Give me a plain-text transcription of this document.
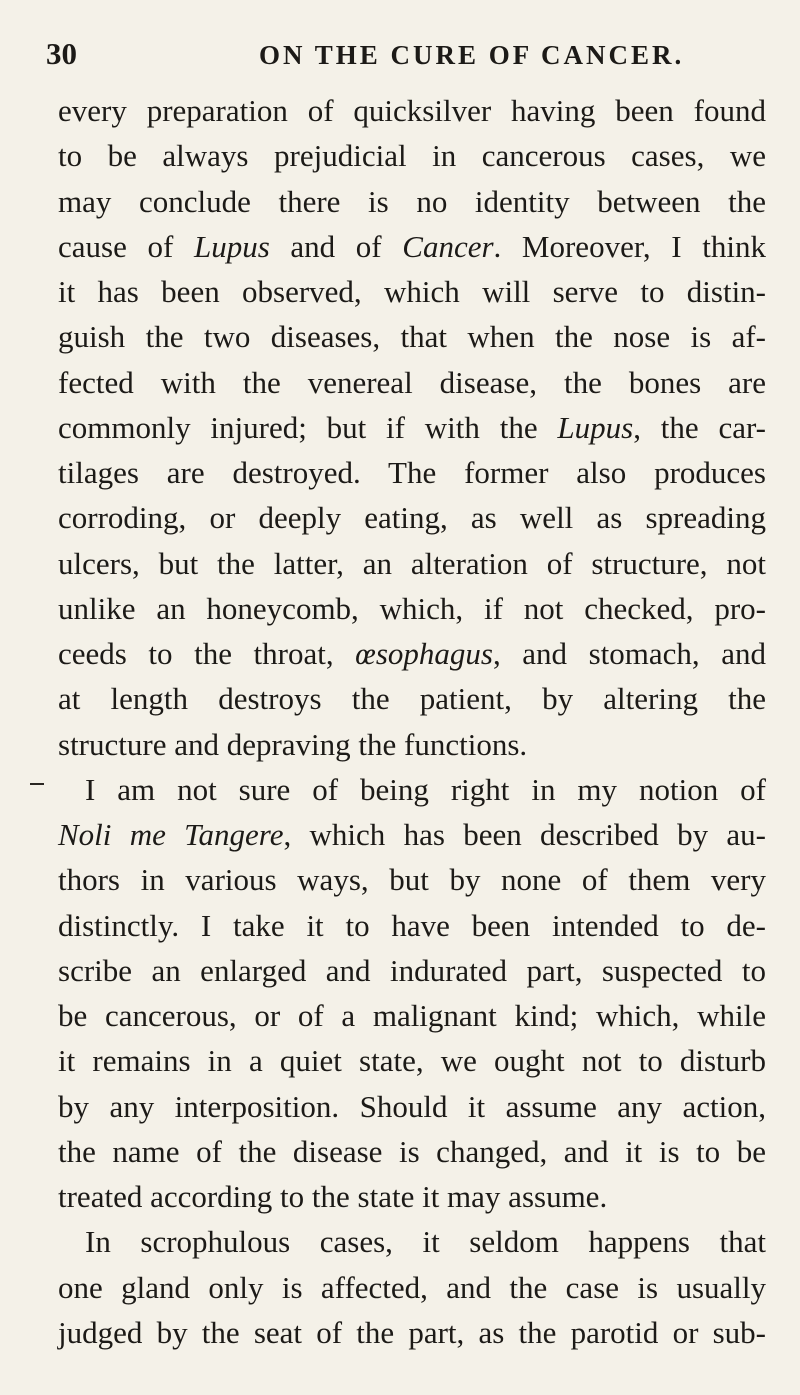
30	ON THE CURE OF CANCER.
every preparation of quicksilver having been found
to be always prejudicial in cancerous cases, we
may conclude there is no identity between the
cause of Lupus and of Cancer. Moreover, I think
it has been observed, which will serve to distin-
guish the two diseases, that when the nose is af-
fected with the venereal disease, the bones are
commonly injured; but if with the Lupus, the car-
tilages are destroyed. The former also produces
corroding, or deeply eating, as well as spreading
ulcers, but the latter, an alteration of structure, not
unlike an honeycomb, which, if not checked, pro-
ceeds to the throat, œsophagus, and stomach, and
at length destroys the patient, by altering the
structure and depraving the functions.
I am not sure of being right in my notion of
Noli me Tangere, which has been described by au-
thors in various ways, but by none of them very
distinctly. I take it to have been intended to de-
scribe an enlarged and indurated part, suspected to
be cancerous, or of a malignant kind; which, while
it remains in a quiet state, we ought not to disturb
by any interposition. Should it assume any action,
the name of the disease is changed, and it is to be
treated according to the state it may assume.
In scrophulous cases, it seldom happens that
one gland only is affected, and the case is usually
judged by the seat of the part, as the parotid or sub-
